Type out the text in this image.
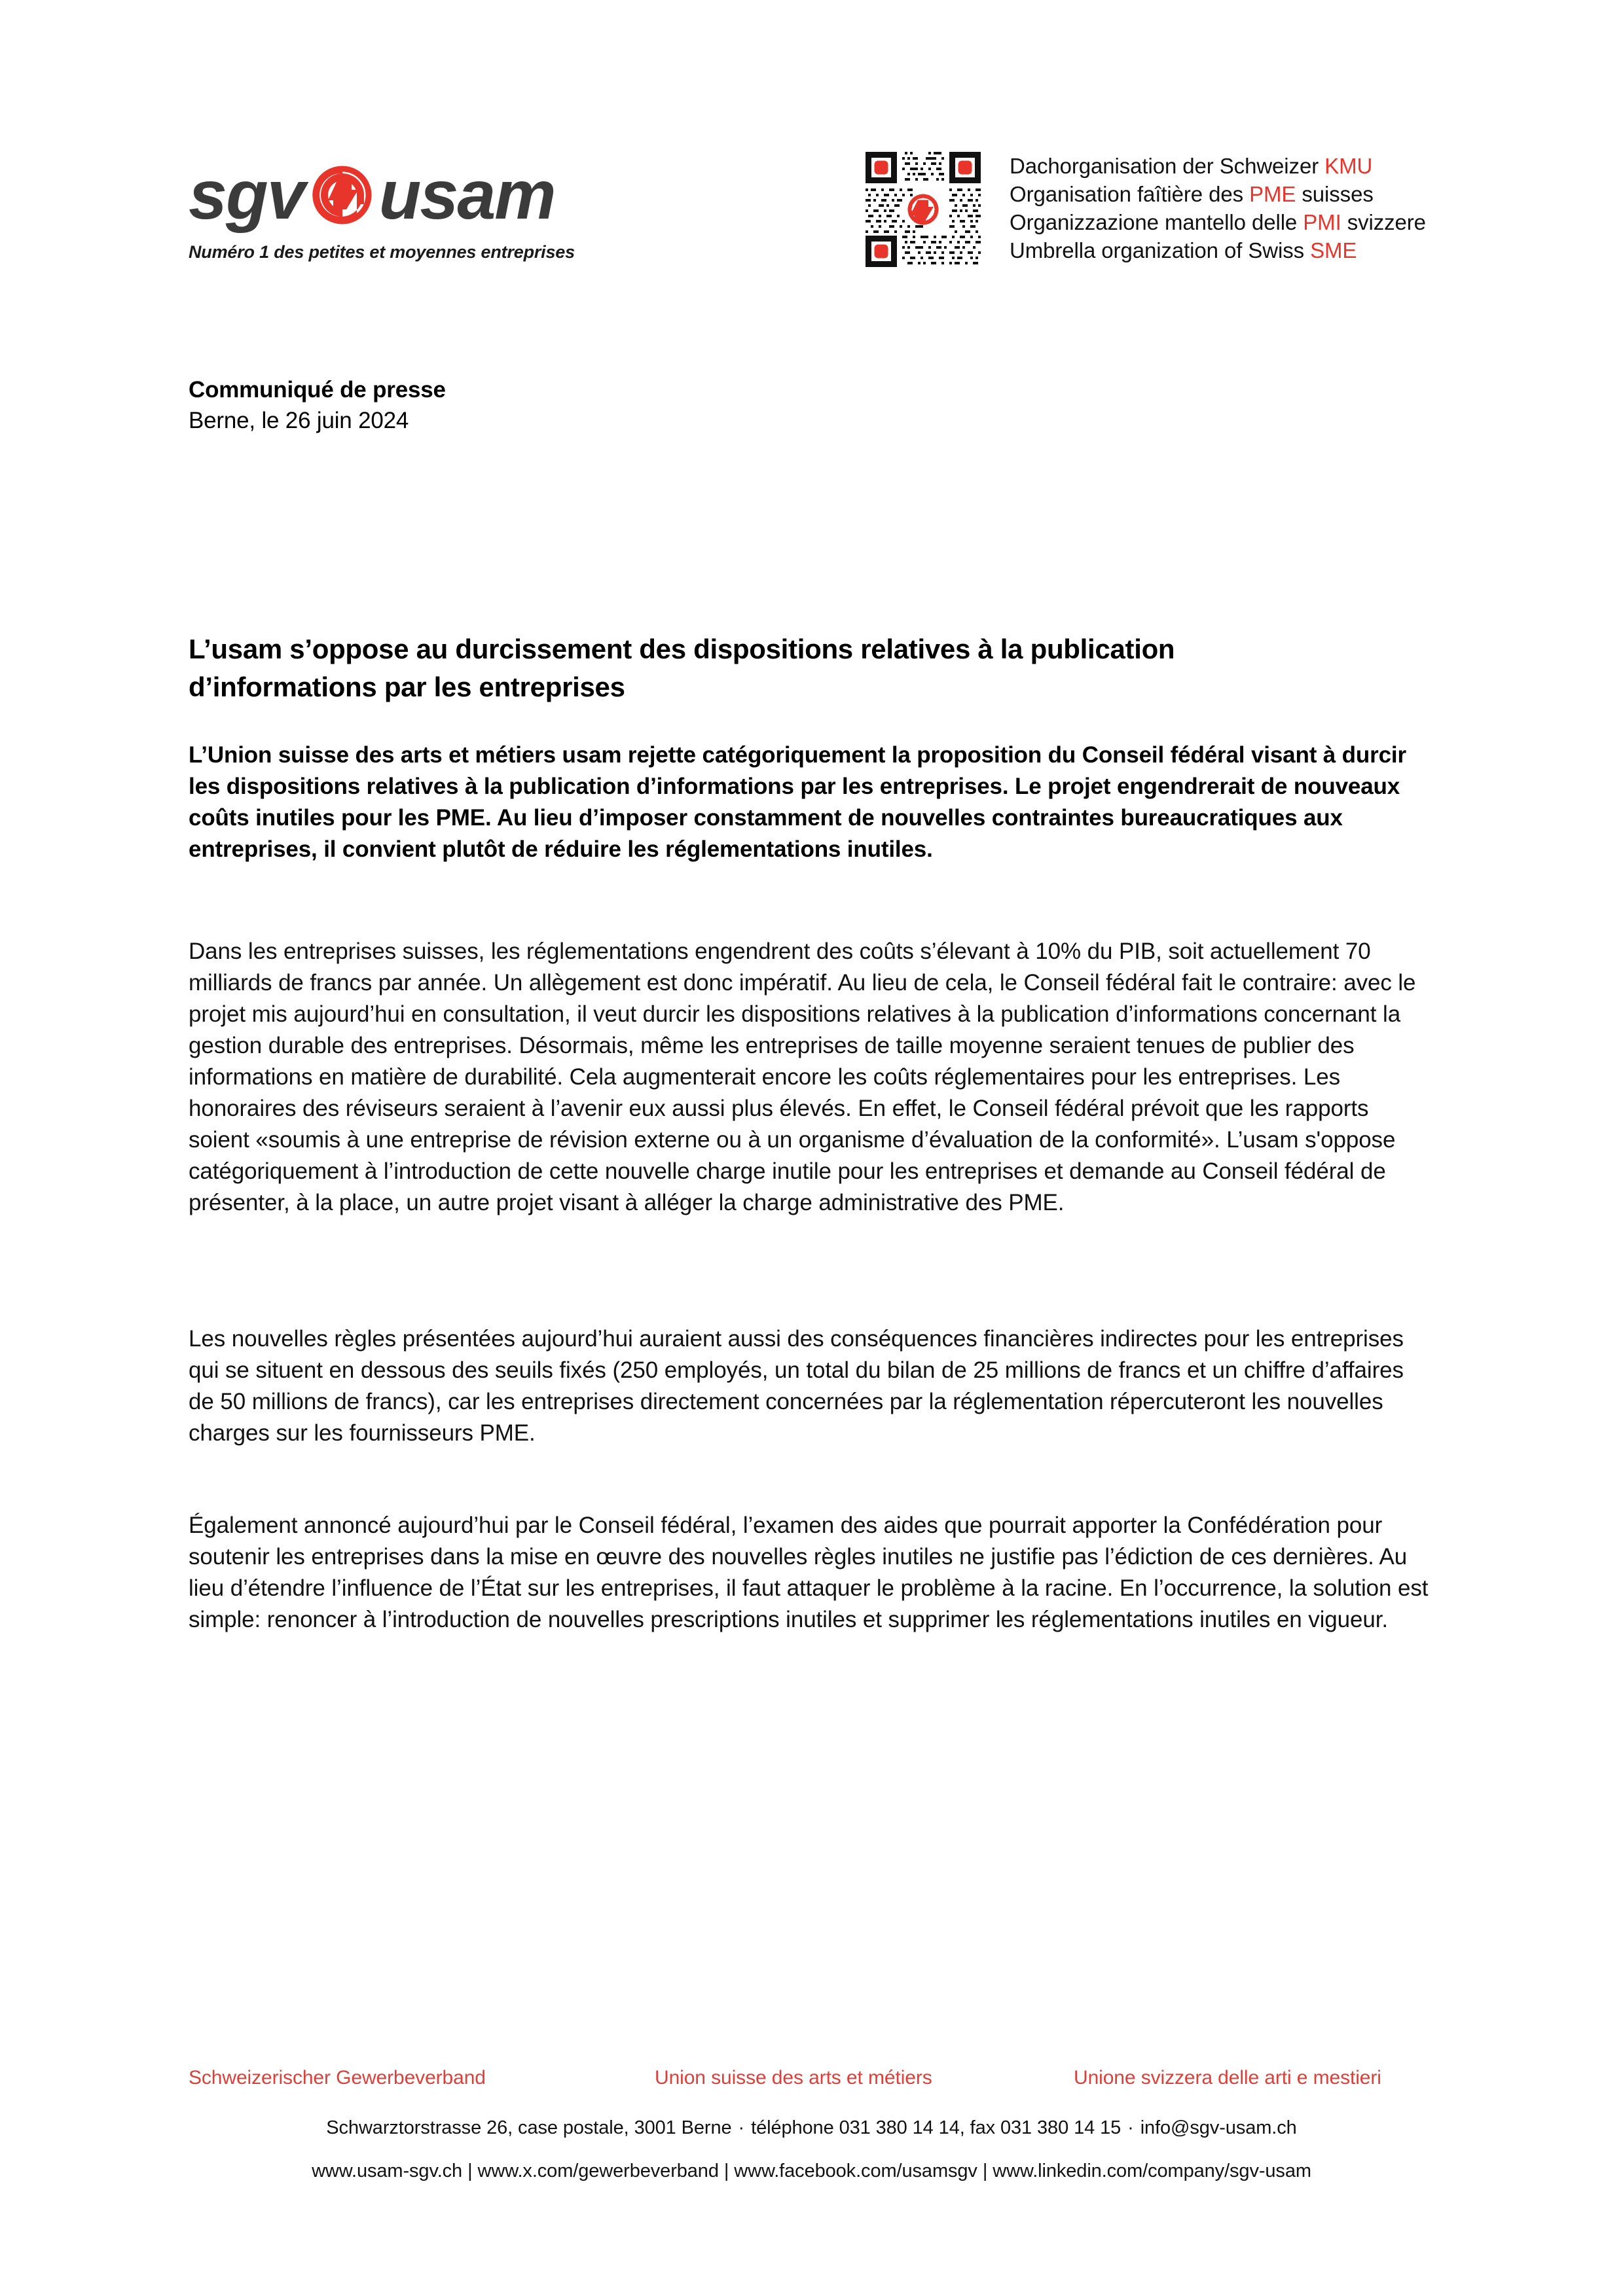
sgv usam
Numéro 1 des petites et moyennes entreprises
Dachorganisation der Schweizer KMU
Organisation faîtière des PME suisses
Organizzazione mantello delle PMI svizzere
Umbrella organization of Swiss SME
Communiqué de presse
Berne, le 26 juin 2024
L’usam s’oppose au durcissement des dispositions relatives à la publication d’informations par les entreprises

L’Union suisse des arts et métiers usam rejette catégoriquement la proposition du Conseil fédéral visant à durcir les dispositions relatives à la publication d’informations par les entreprises. Le projet engendrerait de nouveaux coûts inutiles pour les PME. Au lieu d’imposer constamment de nouvelles contraintes bureaucratiques aux entreprises, il convient plutôt de réduire les réglementations inutiles.

Dans les entreprises suisses, les réglementations engendrent des coûts s’élevant à 10% du PIB, soit actuellement 70 milliards de francs par année. Un allègement est donc impératif. Au lieu de cela, le Conseil fédéral fait le contraire: avec le projet mis aujourd’hui en consultation, il veut durcir les dispositions relatives à la publication d’informations concernant la gestion durable des entreprises. Désormais, même les entreprises de taille moyenne seraient tenues de publier des informations en matière de durabilité. Cela augmenterait encore les coûts réglementaires pour les entreprises. Les honoraires des réviseurs seraient à l’avenir eux aussi plus élevés. En effet, le Conseil fédéral prévoit que les rapports soient «soumis à une entreprise de révision externe ou à un organisme d’évaluation de la conformité». L’usam s'oppose catégoriquement à l’introduction de cette nouvelle charge inutile pour les entreprises et demande au Conseil fédéral de présenter, à la place, un autre projet visant à alléger la charge administrative des PME.

Les nouvelles règles présentées aujourd’hui auraient aussi des conséquences financières indirectes pour les entreprises qui se situent en dessous des seuils fixés (250 employés, un total du bilan de 25 millions de francs et un chiffre d’affaires de 50 millions de francs), car les entreprises directement concernées par la réglementation répercuteront les nouvelles charges sur les fournisseurs PME.

Également annoncé aujourd’hui par le Conseil fédéral, l’examen des aides que pourrait apporter la Confédération pour soutenir les entreprises dans la mise en œuvre des nouvelles règles inutiles ne justifie pas l’édiction de ces dernières. Au lieu d’étendre l’influence de l’État sur les entreprises, il faut attaquer le problème à la racine. En l’occurrence, la solution est simple: renoncer à l’introduction de nouvelles prescriptions inutiles et supprimer les réglementations inutiles en vigueur.

Schweizerischer Gewerbeverband	Union suisse des arts et métiers	Unione svizzera delle arti e mestieri
Schwarztorstrasse 26, case postale, 3001 Berne · téléphone 031 380 14 14, fax 031 380 14 15 · info@sgv-usam.ch
www.usam-sgv.ch | www.x.com/gewerbeverband | www.facebook.com/usamsgv | www.linkedin.com/company/sgv-usam
